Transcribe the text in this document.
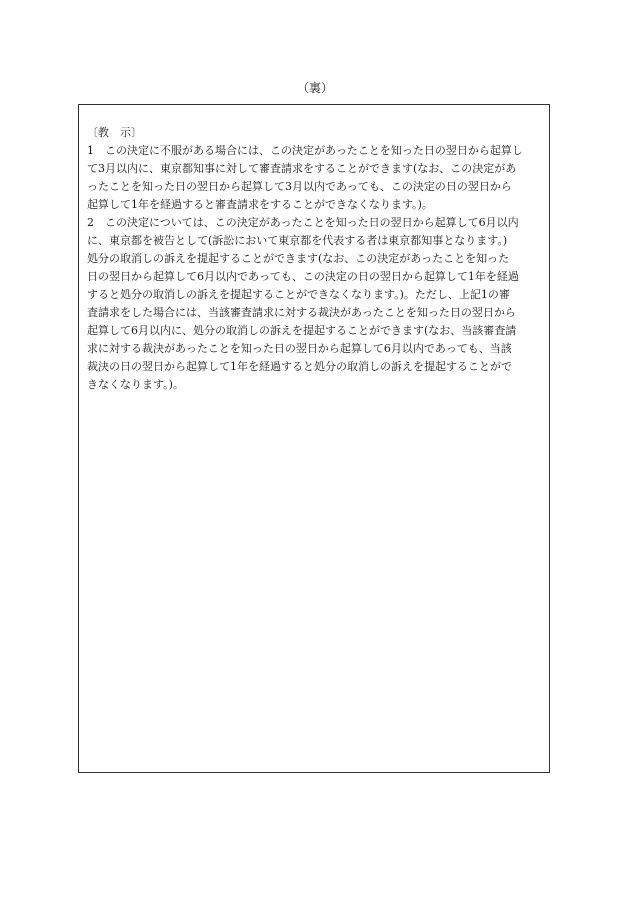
（裏）
〔教　示〕
1　この決定に不服がある場合には、この決定があったことを知った日の翌日から起算し
て3月以内に、東京都知事に対して審査請求をすることができます(なお、この決定があ
ったことを知った日の翌日から起算して3月以内であっても、この決定の日の翌日から
起算して1年を経過すると審査請求をすることができなくなります。)。
2　この決定については、この決定があったことを知った日の翌日から起算して6月以内
に、東京都を被告として(訴訟において東京都を代表する者は東京都知事となります。)
処分の取消しの訴えを提起することができます(なお、この決定があったことを知った
日の翌日から起算して6月以内であっても、この決定の日の翌日から起算して1年を経過
すると処分の取消しの訴えを提起することができなくなります。)。ただし、上記1の審
査請求をした場合には、当該審査請求に対する裁決があったことを知った日の翌日から
起算して6月以内に、処分の取消しの訴えを提起することができます(なお、当該審査請
求に対する裁決があったことを知った日の翌日から起算して6月以内であっても、当該
裁決の日の翌日から起算して1年を経過すると処分の取消しの訴えを提起することがで
きなくなります。)。
